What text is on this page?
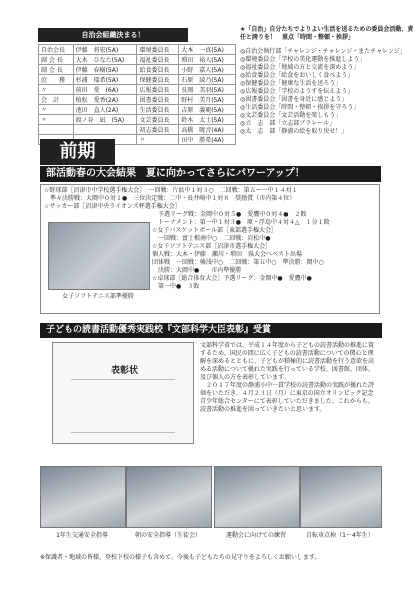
自治会組織決まる！
自治会長	伊藤　将宏(5A)	環境委員長	大本　一真(5A)
副 会 長	大木　ひなた(5A)	福祉委員長	増田　裕人(5A)
副 会 長	伊藤　春樹(5A)	給食委員長	小野　嘉人(5A)
庶　　務	杉浦　瑞希(5A)	保健委員長	石原　綾乃(5A)
〃	前田　愛　(6A)	広報委員長	長岡　美羽(5A)
会　計	植松　愛香(2A)	図書委員長	野村　美月(5A)
〃	池田　直人(2A)	生活委員長	吉原　義範(5A)
〃	渡ノ谷　凪　(5A)	文芸委員長	鈴木　太士(5A)
		初志委員長	高橋　暁音(4A)
		〃	田中　勝希(4A)
★「自治」自分たちでよりよい生活を送るための委員会活動、責任と誇りを！　重点「時間・整頓・挨拶」
◎自治会執行部「チャレンジ・チャレンジ・またチャレンジ」
◎環境委員会「学校の美化運動を推進しよう」
◎福祉委員会「地域の方と交流を深めよう」
◎給食委員会「給食をおいしく食べよう」
◎保健委員会「健康な生活を送ろう」
◎広報委員会「学校のようすを伝えよう」
◎図書委員会「図書を身近に感じよう」
◎生活委員会「時間・整頓・挨拶を守ろう」
◎文芸委員会「文芸活動を楽しもう」
◎立　志　部「立志部ブラレール」
◎太　志　部「静浦の絵を取り戻せ！」
前期
部活動春の大会結果　夏に向かってさらにパワーアップ！
☆野球部［沼津市中学校選手権大会］　一回戦：片浜中１対３○　二回戦：第五ー一中１４対１
　準々決勝戦：大岡中０対１●　三位決定戦：二中・長井崎中１対８　奨励賞（市内第４位）
☆サッカー部［沼津中央ライオンズ杯選手権大会］
　予選リーグ戦：金岡中０対５●　愛鷹中０対４●　２敗
　トーナメント：第一中１対３●　原・浮島中４対４△　１分１敗
☆女子バスケットボール部［東部選手権大会］
　一回戦：富士根南中○　二回戦：岩松中●
☆女子ソフトテニス部［沼津市選手権大会］
個人戦：大木・伊藤　瀬川・増田　県大会へベスト出場
団体戦　一回戦：帳浅中○　二回戦：第五中○　準決勝：岡中○
　決勝：大岡中●　　市内準優勝
☆卓球部［総合体育大会］予選リーグ：金岡中●　愛鷹中●
　第一中●　３敗
女子ソフトテニス部準優勝
子どもの読書活動優秀実践校『文部科学大臣表彰』受賞
表彰状
文部科学省では、平成１４年度から子どもの読書活動の推進に資するため、国民の間に広く子どもの読書活動についての関心と理解を深めるとともに、子どもが積極的に読書活動を行う意欲を高める活動について優れた実践を行っている学校、図書館、団体、及び個人の方を表彰しています。
　２０１７年度の静浦小中一貫学校の読書活動の実践が優れた評価をいただき、４月２３日（月）に東京の国立オリンピック記念青少年総合センターにて表彰していただきました。これからも、読書活動の推進を図っていきたいと思います。
1年生交通安全指導	朝の安全指導（生徒会）	運動会に向けての練習	自転車点検（1〜4年生）
※保護者・地域の皆様、登校下校の様子も含めて、今後も子どもたちの見守りをよろしくお願いします。
